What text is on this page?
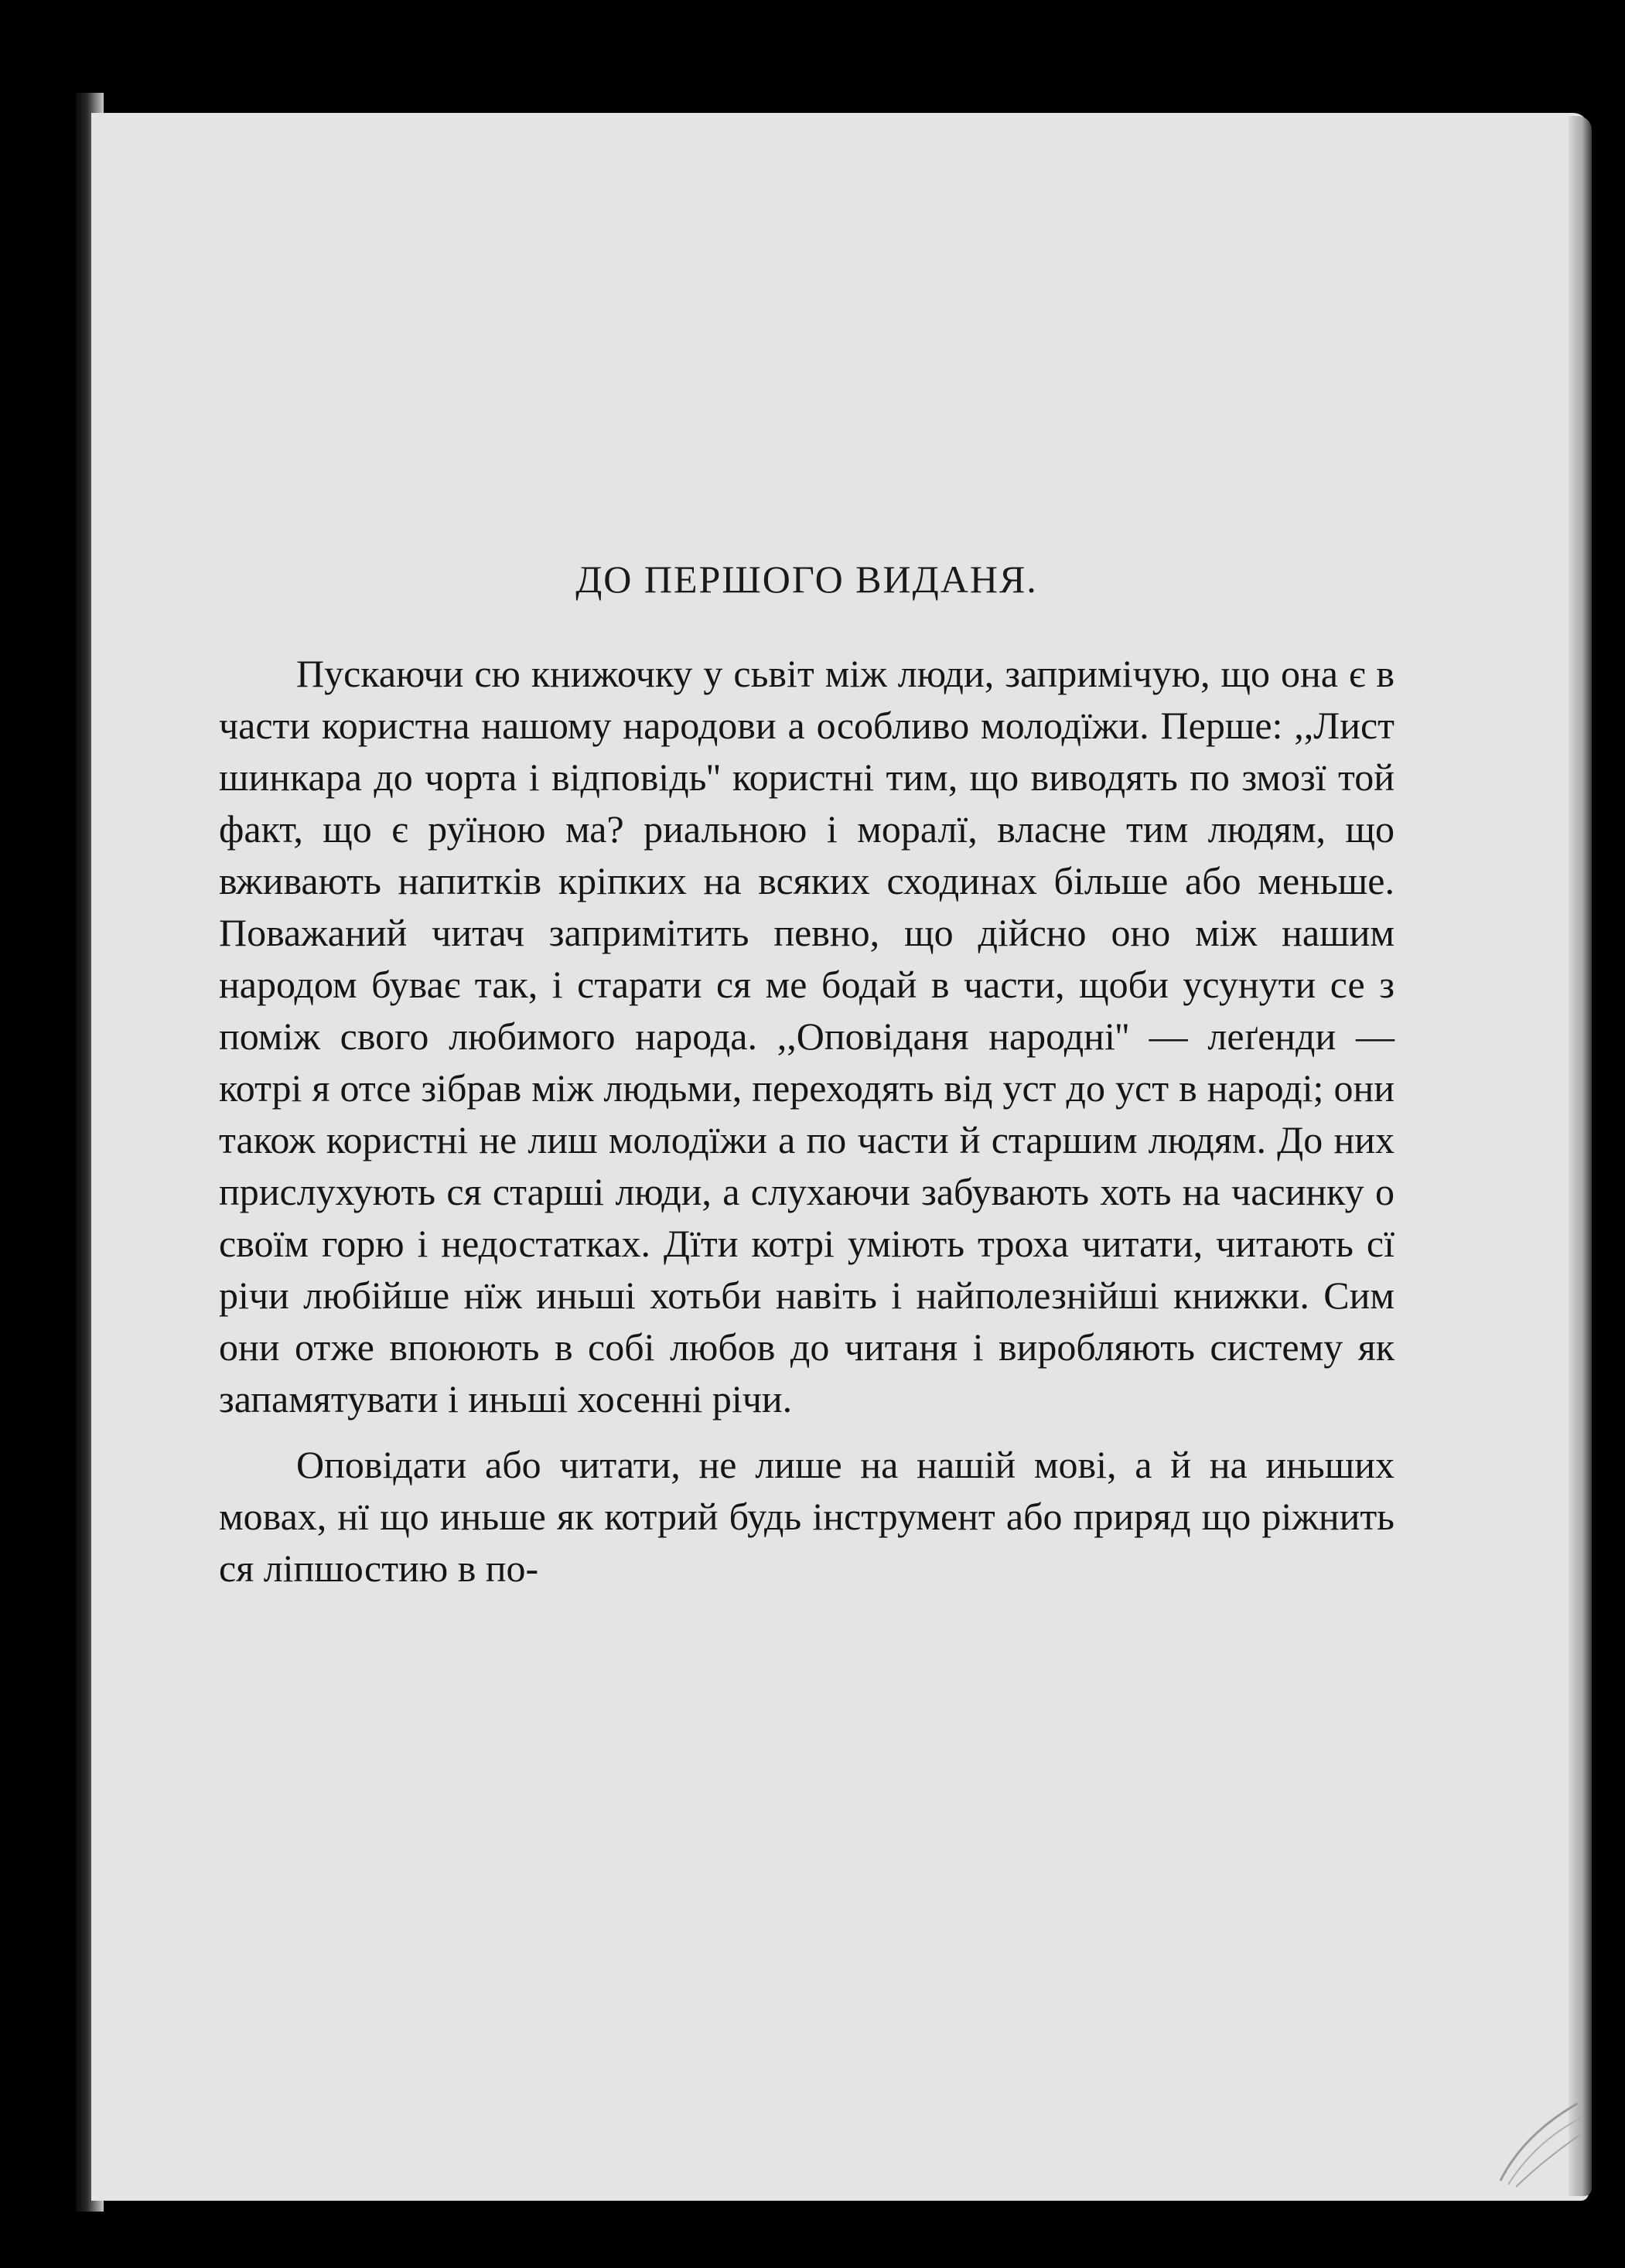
ДО ПЕРШОГО ВИДАНЯ.

Пускаючи сю книжочку у сьвіт між люди, запримічую, що она є в части користна нашому народови а особливо молодїжи. Перше: ,,Лист шинкара до чорта і відповідь'' користні тим, що виводять по змозї той факт, що є руїною ма? риальною і моралї, власне тим людям, що вживають напитків кріпких на всяких сходинах більше або меньше. Поважаний читач запримітить певно, що дійсно оно між нашим народом буває так, і старати ся ме бодай в части, щоби усунути се з поміж свого любимого народа. ,,Оповіданя народні'' — леґенди — котрі я отсе зібрав між людьми, переходять від уст до уст в народі; они також користні не лиш молодїжи а по части й старшим людям. До них прислухують ся старші люди, а слухаючи забувають хоть на часинку о своїм горю і недостатках. Дїти котрі уміють троха читати, читають сї річи любійше нїж иньші хотьби навіть і найполезнійші книжки. Сим они отже впоюють в собі любов до читаня і виробляють систему як запамятувати і иньші хосенні річи.

Оповідати або читати, не лише на нашій мові, а й на иньших мовах, нї що иньше як котрий будь інструмент або приряд що ріжнить ся ліпшостию в по-
